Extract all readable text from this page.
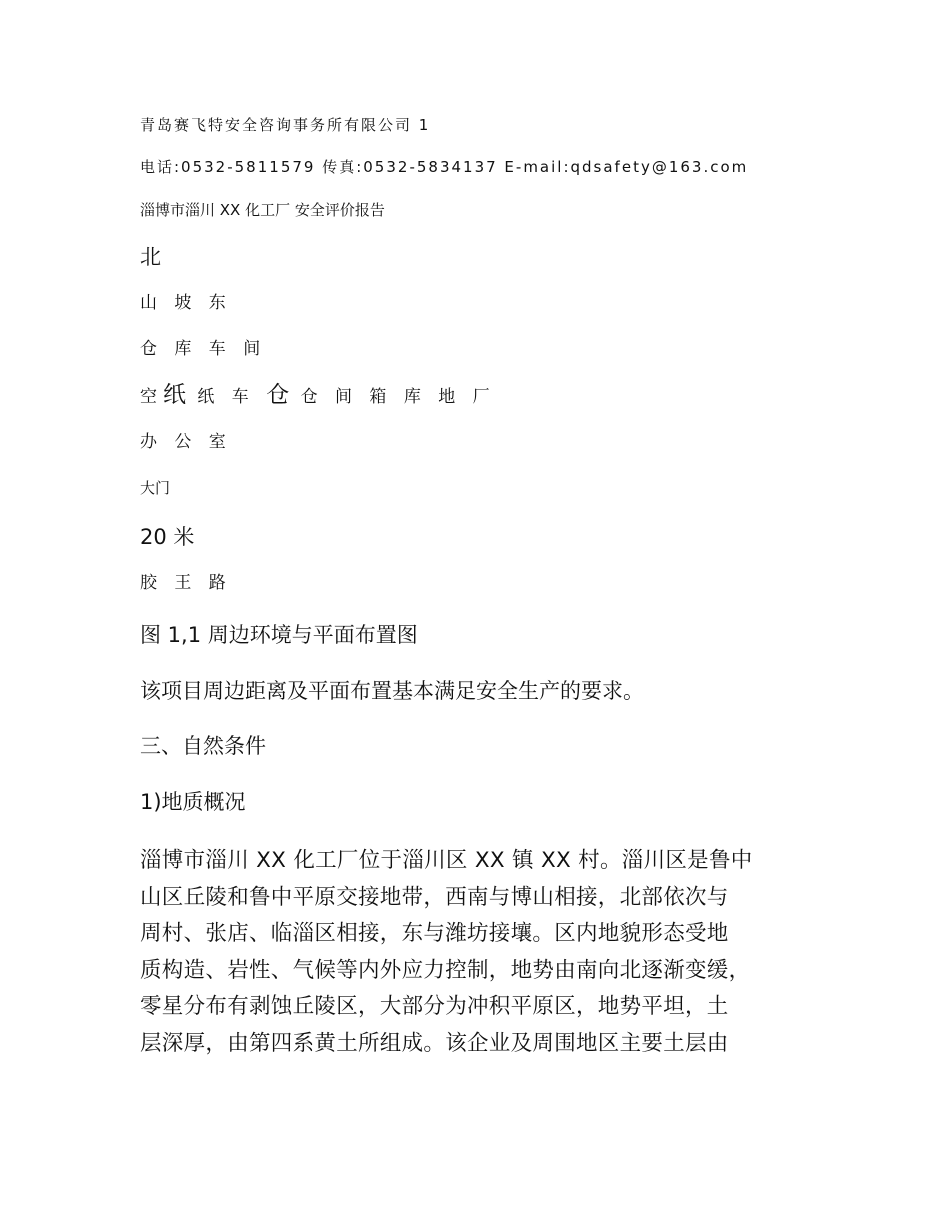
青岛赛飞特安全咨询事务所有限公司 1
电话:0532-5811579 传真:0532-5834137 E-mail:qdsafety@163.com
淄博市淄川 XX 化工厂 安全评价报告
北
山 坡 东
仓 库 车 间
空纸 纸 车 仓 仓 间 箱 库 地 厂
办 公 室
大门
20 米
胶 王 路
图 1,1 周边环境与平面布置图
该项目周边距离及平面布置基本满足安全生产的要求。
三、自然条件
1)地质概况

淄博市淄川 XX 化工厂位于淄川区 XX 镇 XX 村。淄川区是鲁中

山区丘陵和鲁中平原交接地带，西南与博山相接，北部依次与

周村、张店、临淄区相接，东与潍坊接壤。区内地貌形态受地

质构造、岩性、气候等内外应力控制，地势由南向北逐渐变缓，

零星分布有剥蚀丘陵区，大部分为冲积平原区，地势平坦，土

层深厚，由第四系黄土所组成。该企业及周围地区主要土层由
